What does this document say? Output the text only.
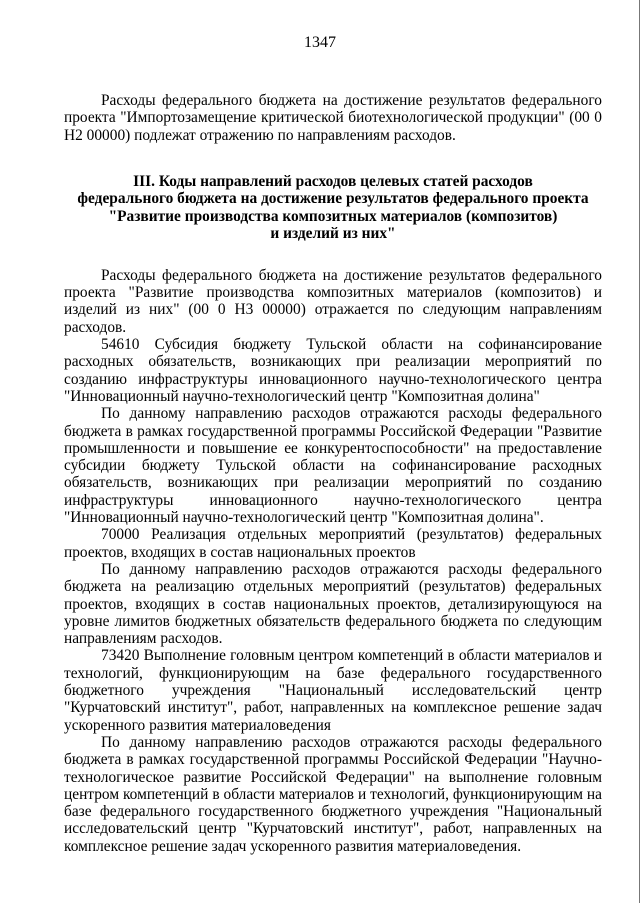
1347

Расходы федерального бюджета на достижение результатов федерального проекта "Импортозамещение критической биотехнологической продукции" (00 0 Н2 00000) подлежат отражению по направлениям расходов.

III. Коды направлений расходов целевых статей расходов
федерального бюджета на достижение результатов федерального проекта
"Развитие производства композитных материалов (композитов)
и изделий из них"

Расходы федерального бюджета на достижение результатов федерального проекта "Развитие производства композитных материалов (композитов) и изделий из них" (00 0 Н3 00000) отражается по следующим направлениям расходов.

54610 Субсидия бюджету Тульской области на софинансирование расходных обязательств, возникающих при реализации мероприятий по созданию инфраструктуры инновационного научно-технологического центра "Инновационный научно-технологический центр "Композитная долина"

По данному направлению расходов отражаются расходы федерального бюджета в рамках государственной программы Российской Федерации "Развитие промышленности и повышение ее конкурентоспособности" на предоставление субсидии бюджету Тульской области на софинансирование расходных обязательств, возникающих при реализации мероприятий по созданию инфраструктуры инновационного научно-технологического центра "Инновационный научно-технологический центр "Композитная долина".

70000 Реализация отдельных мероприятий (результатов) федеральных проектов, входящих в состав национальных проектов

По данному направлению расходов отражаются расходы федерального бюджета на реализацию отдельных мероприятий (результатов) федеральных проектов, входящих в состав национальных проектов, детализирующуюся на уровне лимитов бюджетных обязательств федерального бюджета по следующим направлениям расходов.

73420 Выполнение головным центром компетенций в области материалов и технологий, функционирующим на базе федерального государственного бюджетного учреждения "Национальный исследовательский центр "Курчатовский институт", работ, направленных на комплексное решение задач ускоренного развития материаловедения

По данному направлению расходов отражаются расходы федерального бюджета в рамках государственной программы Российской Федерации "Научно-технологическое развитие Российской Федерации" на выполнение головным центром компетенций в области материалов и технологий, функционирующим на базе федерального государственного бюджетного учреждения "Национальный исследовательский центр "Курчатовский институт", работ, направленных на комплексное решение задач ускоренного развития материаловедения.
